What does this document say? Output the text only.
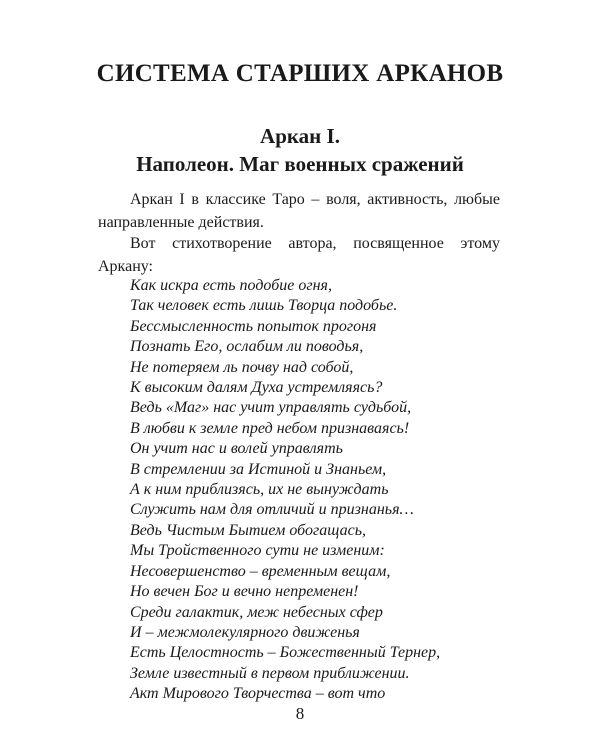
СИСТЕМА СТАРШИХ АРКАНОВ
Аркан I.
Наполеон. Маг военных сражений

Аркан I в классике Таро – воля, активность, любые направленные действия.

Вот стихотворение автора, посвященное этому
Аркану:
Как искра есть подобие огня,
Так человек есть лишь Творца подобье.
Бессмысленность попыток прогоня
Познать Его, ослабим ли поводья,
Не потеряем ль почву над собой,
К высоким далям Духа устремляясь?
Ведь «Маг» нас учит управлять судьбой,
В любви к земле пред небом признаваясь!
Он учит нас и волей управлять
В стремлении за Истиной и Знаньем,
А к ним приблизясь, их не вынуждать
Служить нам для отличий и признанья…
Ведь Чистым Бытием обогащась,
Мы Тройственного сути не изменим:
Несовершенство – временным вещам,
Но вечен Бог и вечно непременен!
Среди галактик, меж небесных сфер
И – межмолекулярного движенья
Есть Целостность – Божественный Тернер,
Земле известный в первом приближении.
Акт Мирового Творчества – вот что
8
